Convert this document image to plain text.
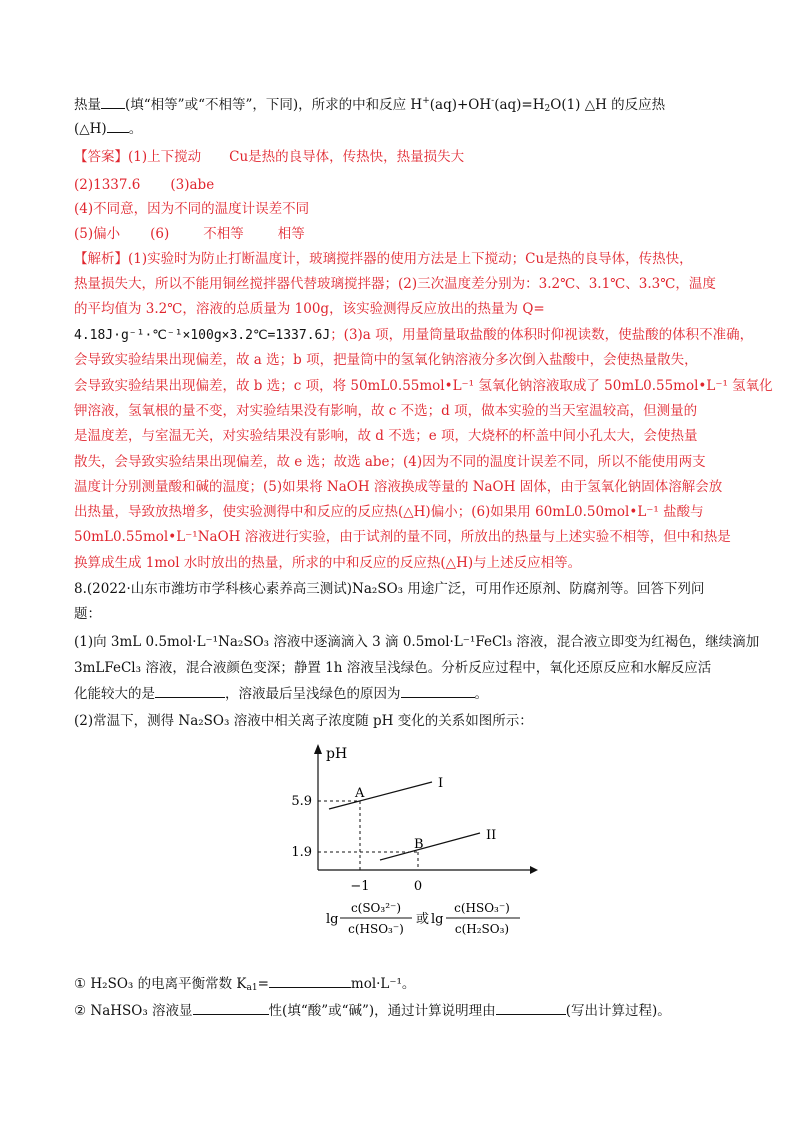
热量 (填“相等”或“不相等”，下同)，所求的中和反应 $H^+(aq)+OH^-(aq)=H_2O(1)$ △H 的反应热
(△H) 。
【答案】(1)上下搅动 Cu是热的良导体，传热快，热量损失大
(2)1337.6 (3)abe
(4)不同意，因为不同的温度计误差不同
(5)偏小 (6)	不相等	相等
【解析】(1)实验时为防止打断温度计，玻璃搅拌器的使用方法是上下搅动；Cu是热的良导体，传热快，
热量损失大，所以不能用铜丝搅拌器代替玻璃搅拌器；(2)三次温度差分别为：3.2℃、3.1℃、3.3℃，温度
的平均值为 3.2℃，溶液的总质量为 100g，该实验测得反应放出的热量为 Q=
4.18J·g⁻¹·℃⁻¹×100g×3.2℃=1337.6J；(3)a 项，用量筒量取盐酸的体积时仰视读数，使盐酸的体积不准确，
会导致实验结果出现偏差，故 a 选；b 项，把量筒中的氢氧化钠溶液分多次倒入盐酸中，会使热量散失，
会导致实验结果出现偏差，故 b 选；c 项，将 50mL0.55mol•L⁻¹ 氢氧化钠溶液取成了 50mL0.55mol•L⁻¹ 氢氧化
钾溶液，氢氧根的量不变，对实验结果没有影响，故 c 不选；d 项，做本实验的当天室温较高，但测量的
是温度差，与室温无关，对实验结果没有影响，故 d 不选；e 项，大烧杯的杯盖中间小孔太大，会使热量
散失，会导致实验结果出现偏差，故 e 选；故选 abe；(4)因为不同的温度计误差不同，所以不能使用两支
温度计分别测量酸和碱的温度；(5)如果将 NaOH 溶液换成等量的 NaOH 固体，由于氢氧化钠固体溶解会放
出热量，导致放热增多，使实验测得中和反应的反应热(△H)偏小；(6)如果用 60mL0.50mol•L⁻¹ 盐酸与
50mL0.55mol•L⁻¹NaOH 溶液进行实验，由于试剂的量不同，所放出的热量与上述实验不相等，但中和热是
换算成生成 1mol 水时放出的热量，所求的中和反应的反应热(△H)与上述反应相等。
8.(2022·山东市潍坊市学科核心素养高三测试)Na₂SO₃ 用途广泛，可用作还原剂、防腐剂等。回答下列问
题：
(1)向 3mL 0.5mol·L⁻¹Na₂SO₃ 溶液中逐滴滴入 3 滴 0.5mol·L⁻¹FeCl₃ 溶液，混合液立即变为红褐色，继续滴加
3mLFeCl₃ 溶液，混合液颜色变深；静置 1h 溶液呈浅绿色。分析反应过程中，氧化还原反应和水解反应活
化能较大的是	，溶液最后呈浅绿色的原因为	。
(2)常温下，测得 Na₂SO₃ 溶液中相关离子浓度随 pH 变化的关系如图所示：
pH
A
B
I
II
5.9
1.9
−1	0
lg
c(SO₃²⁻)
c(HSO₃⁻)
或 lg
c(HSO₃⁻)
c(H₂SO₃)
① H₂SO₃ 的电离平衡常数 $K_{a1}=$	mol·L⁻¹。
② NaHSO₃ 溶液显	性(填“酸”或“碱”)，通过计算说明理由	(写出计算过程)。
